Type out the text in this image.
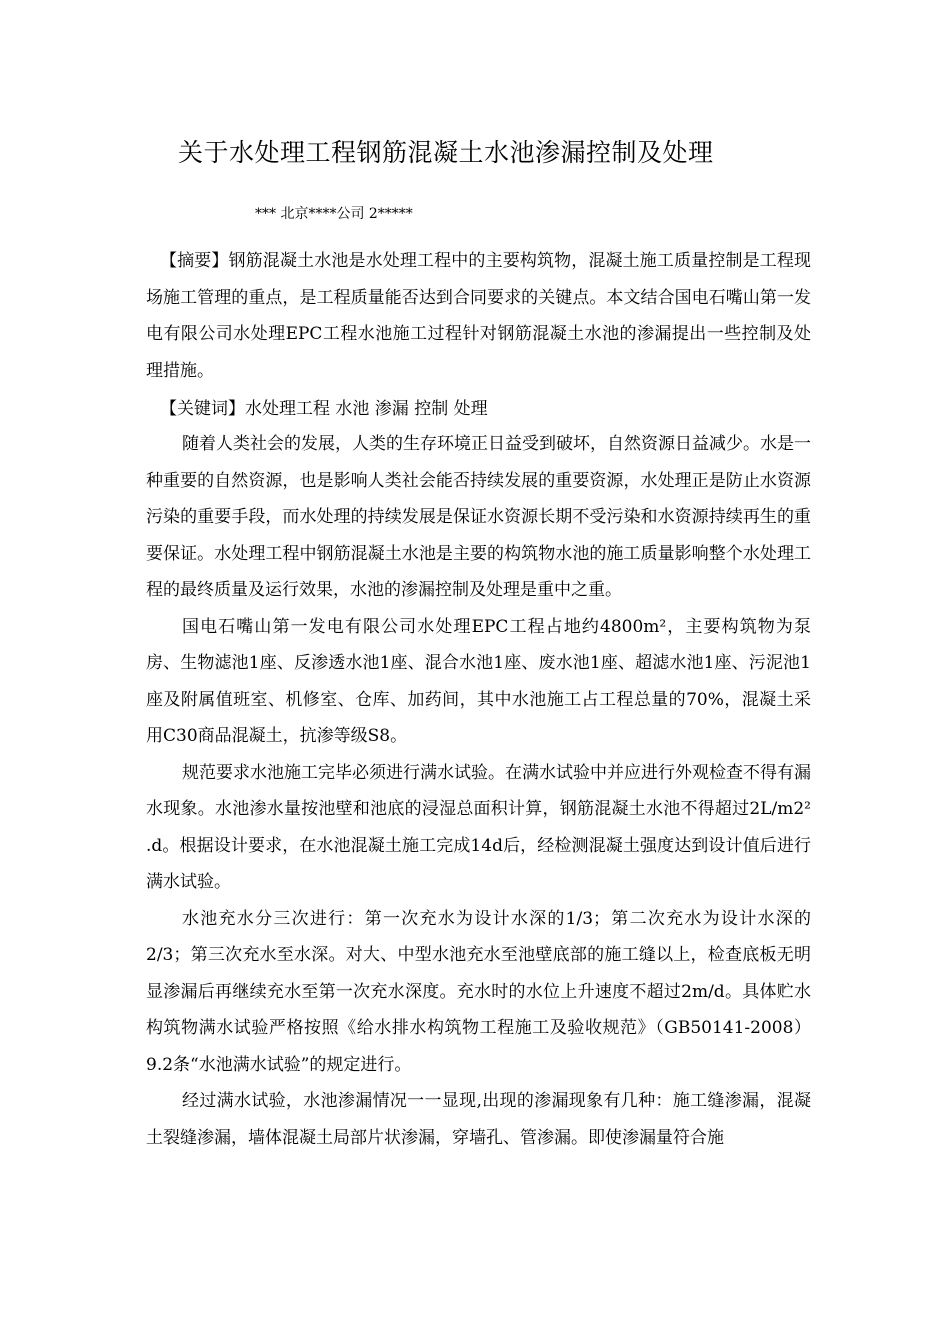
关于水处理工程钢筋混凝土水池渗漏控制及处理
*** 北京****公司 2*****

【摘要】钢筋混凝土水池是水处理工程中的主要构筑物，混凝土施工质量控制是工程现场施工管理的重点，是工程质量能否达到合同要求的关键点。本文结合国电石嘴山第一发电有限公司水处理EPC工程水池施工过程针对钢筋混凝土水池的渗漏提出一些控制及处理措施。

【关键词】水处理工程 水池 渗漏 控制 处理

随着人类社会的发展，人类的生存环境正日益受到破坏，自然资源日益减少。水是一种重要的自然资源，也是影响人类社会能否持续发展的重要资源，水处理正是防止水资源污染的重要手段，而水处理的持续发展是保证水资源长期不受污染和水资源持续再生的重要保证。水处理工程中钢筋混凝土水池是主要的构筑物水池的施工质量影响整个水处理工程的最终质量及运行效果，水池的渗漏控制及处理是重中之重。

国电石嘴山第一发电有限公司水处理EPC工程占地约4800m²，主要构筑物为泵房、生物滤池1座、反渗透水池1座、混合水池1座、废水池1座、超滤水池1座、污泥池1座及附属值班室、机修室、仓库、加药间，其中水池施工占工程总量的70%，混凝土采用C30商品混凝土，抗渗等级S8。

规范要求水池施工完毕必须进行满水试验。在满水试验中并应进行外观检查不得有漏水现象。水池渗水量按池壁和池底的浸湿总面积计算，钢筋混凝土水池不得超过2L/m2² .d。根据设计要求，在水池混凝土施工完成14d后，经检测混凝土强度达到设计值后进行满水试验。

水池充水分三次进行：第一次充水为设计水深的1/3；第二次充水为设计水深的2/3；第三次充水至水深。对大、中型水池充水至池壁底部的施工缝以上，检查底板无明显渗漏后再继续充水至第一次充水深度。充水时的水位上升速度不超过2m/d。具体贮水构筑物满水试验严格按照《给水排水构筑物工程施工及验收规范》（GB50141-2008）9.2条“水池满水试验”的规定进行。

经过满水试验，水池渗漏情况一一显现,出现的渗漏现象有几种：施工缝渗漏，混凝土裂缝渗漏，墙体混凝土局部片状渗漏，穿墙孔、管渗漏。即使渗漏量符合施
